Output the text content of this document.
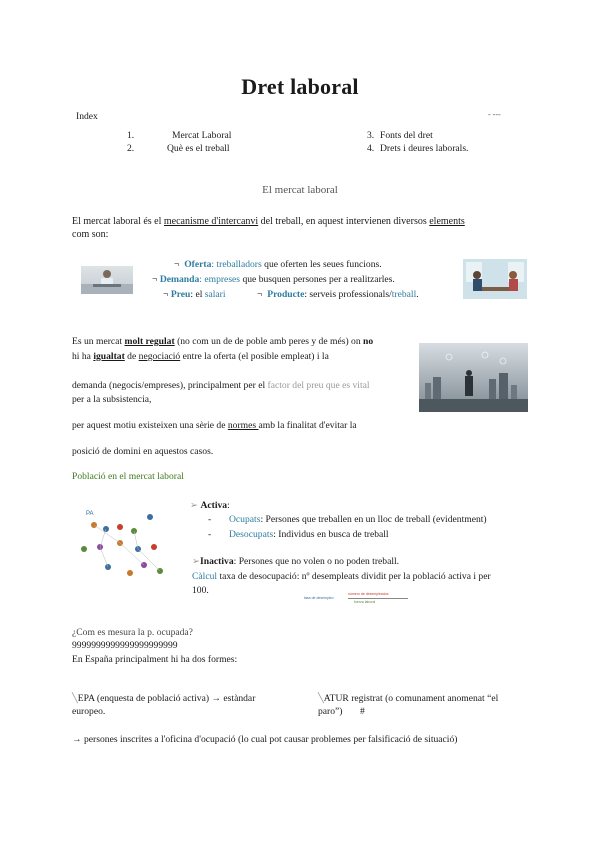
Dret laboral
Index	- ---
1.	Mercat Laboral
2.	Què es el treball
3. Fonts del dret
4. Drets i deures laborals.
El mercat laboral
El mercat laboral és el mecanisme d'intercanvi del treball, en aquest intervienen diversos elements
com son:
¬ Oferta: treballadors que oferten les seues funcions.
¬ Demanda: empreses que busquen persones per a realitzarles.
¬ Preu: el salari	¬ Producte: serveis professionals/treball.
Es un mercat molt regulat (no com un de de poble amb peres y de més) on no
hi ha igualtat de negociació entre la oferta (el posible empleat) i la
demanda (negocis/empreses), principalment per el factor del preu que es vital
per a la subsistencia,
per aquest motiu existeixen una sèrie de normes amb la finalitat d'evitar la
posició de domini en aquestos casos.
Població en el mercat laboral
PA
➢ Activa:
- Ocupats: Persones que treballen en un lloc de treball (evidentment)
- Desocupats: Individus en busca de treball
➢Inactiva: Persones que no volen o no poden treball.
Càlcul taxa de desocupació: nº desempleats dividit per la població activa i per
100.
tasa de desempleo
número de desempleados
fuerza laboral
¿Com es mesura la p. ocupada?
9999999999999999999999
En España principalment hi ha dos formes:
╲EPA (enquesta de població activa) → estàndar
europeo.
╲ATUR registrat (o comunament anomenat “el
paro”) #
→ persones inscrites a l'oficina d'ocupació (lo cual pot causar problemes per falsificació de situació)
